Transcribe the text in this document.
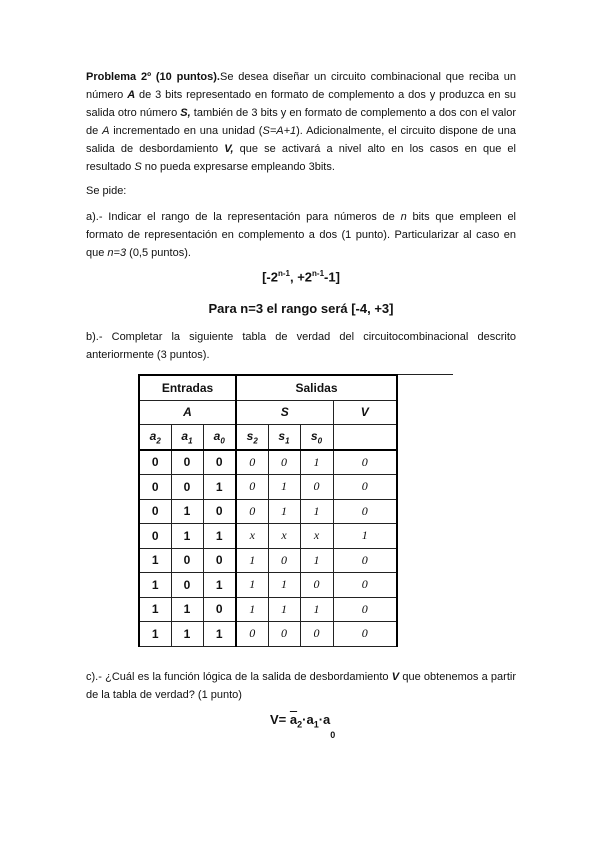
Problema 2º (10 puntos).Se desea diseñar un circuito combinacional que reciba un número A de 3 bits representado en formato de complemento a dos y produzca en su salida otro número S, también de 3 bits y en formato de complemento a dos con el valor de A incrementado en una unidad (S=A+1). Adicionalmente, el circuito dispone de una salida de desbordamiento V, que se activará a nivel alto en los casos en que el resultado S no pueda expresarse empleando 3bits.
Se pide:
a).- Indicar el rango de la representación para números de n bits que empleen el formato de representación en complemento a dos (1 punto). Particularizar al caso en que n=3 (0,5 puntos).
[$-2^{n-1}$, $+2^{n-1}-1$]
Para n=3 el rango será [-4, +3]
b).- Completar la siguiente tabla de verdad del circuitocombinacional descrito anteriormente (3 puntos).
Entradas			Salidas			
A			S			V
$a_2$	$a_1$	$a_0$	$s_2$	$s_1$	$s_0$	
0	0	0	0	0	1	0
0	0	1	0	1	0	0
0	1	0	0	1	1	0
0	1	1	x	x	x	1
1	0	0	1	0	1	0
1	0	1	1	1	0	0
1	1	0	1	1	1	0
1	1	1	0	0	0	0
c).- ¿Cuál es la función lógica de la salida de desbordamiento V que obtenemos a partir de la tabla de verdad? (1 punto)
$V= \overline{a}_2\cdot a_1\cdot a_0$
